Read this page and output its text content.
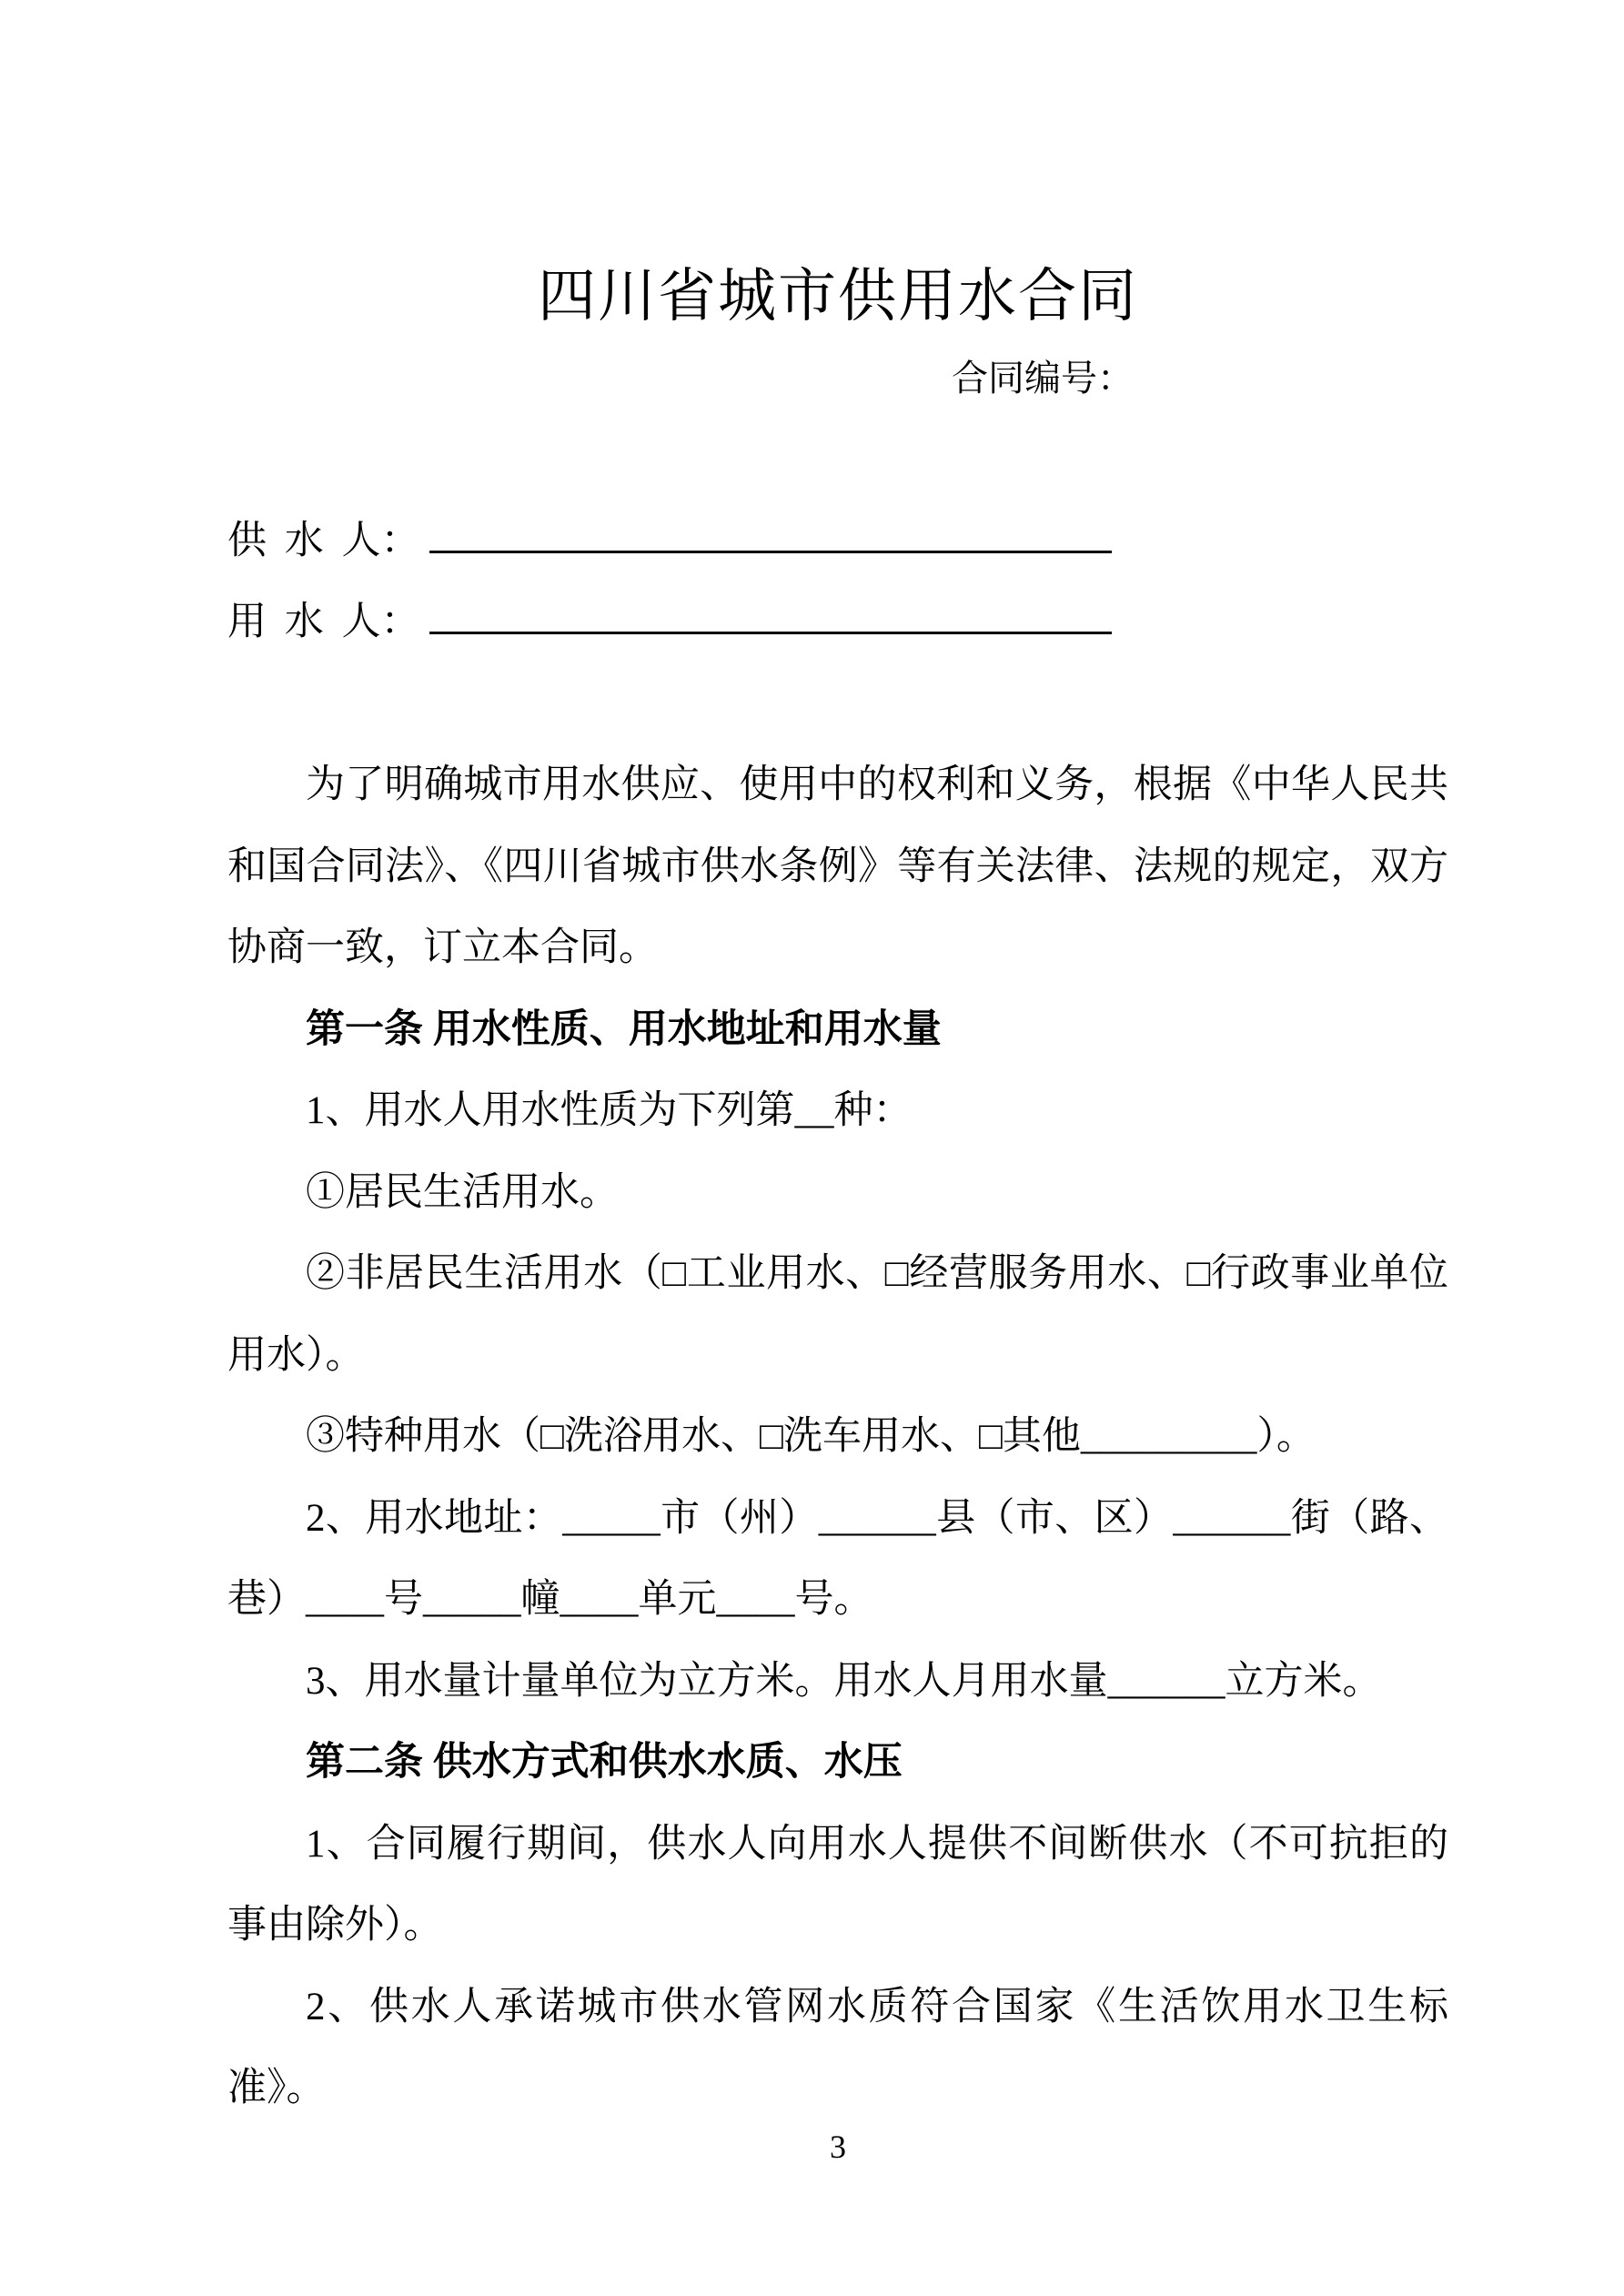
四川省城市供用水合同
合同编号：
供 水 人：
用 水 人：

为了明确城市用水供应、使用中的权利和义务，根据《中华人民共和国合同法》、《四川省城市供水条例》等有关法律、法规的规定，双方协商一致，订立本合同。

第一条 用水性质、用水地址和用水量

1、用水人用水性质为下列第__种：

①居民生活用水。

②非居民生活用水（□工业用水、□经营服务用水、□行政事业单位用水）。

③特种用水（□洗浴用水、□洗车用水、□其他_________）。

2、用水地址：_____市（州）______县（市、区）______街（路、巷）____号_____幢____单元____号。

3、用水量计量单位为立方米。用水人月用水量______立方米。

第二条 供水方式和供水水质、水压

1、合同履行期间，供水人向用水人提供不间断供水（不可抗拒的事由除外）。

2、供水人承诺城市供水管网水质符合国家《生活饮用水卫生标准》。

3
